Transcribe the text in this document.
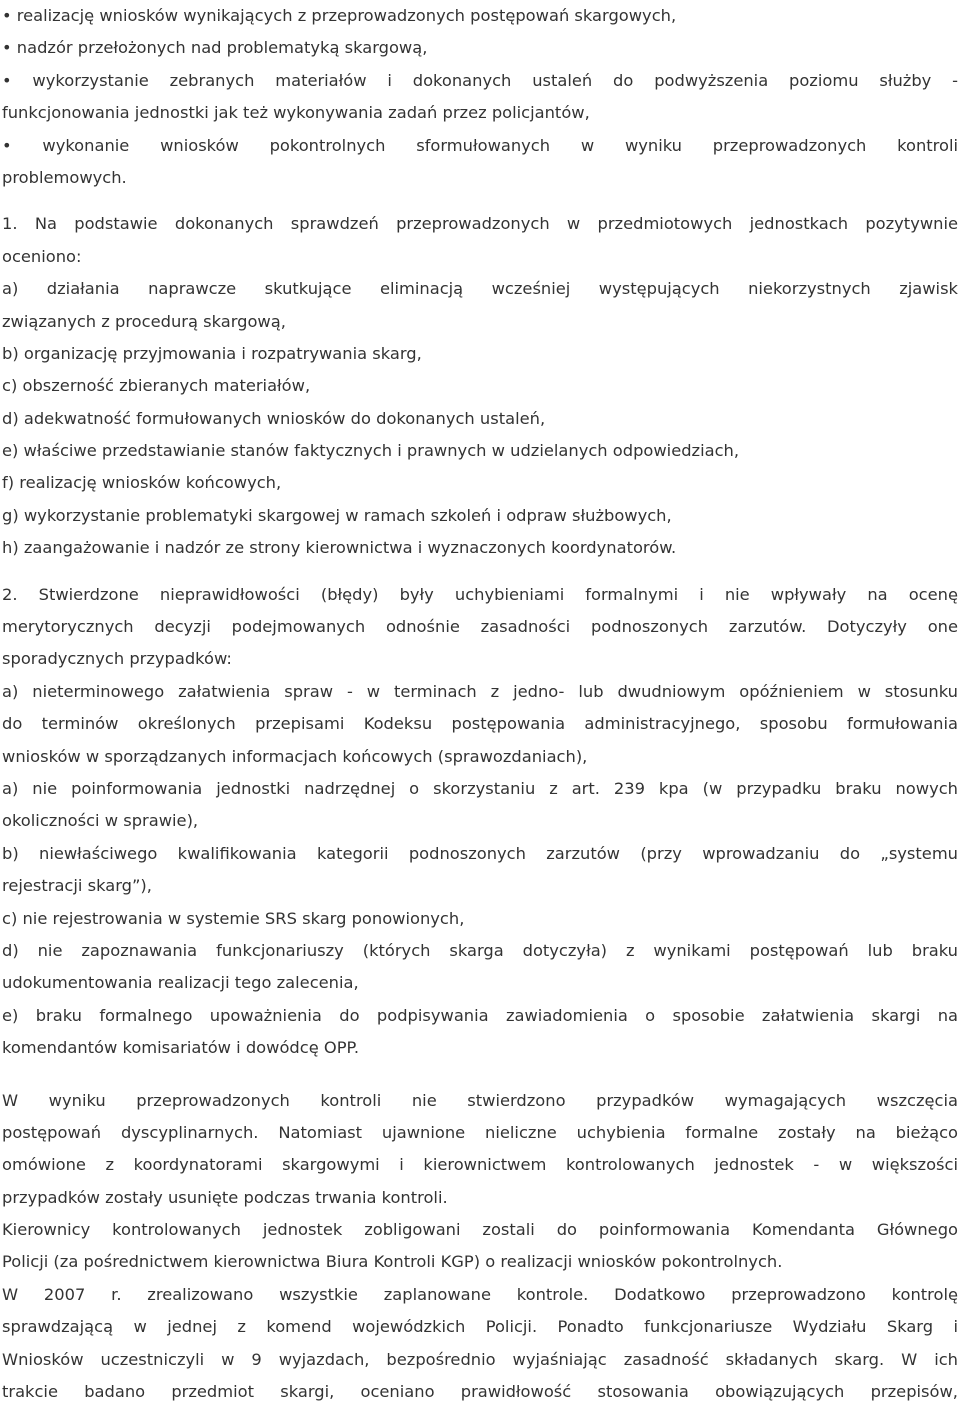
• realizację wniosków wynikających z przeprowadzonych postępowań skargowych,
• nadzór przełożonych nad problematyką skargową,
• wykorzystanie zebranych materiałów i dokonanych ustaleń do podwyższenia poziomu służby -
funkcjonowania jednostki jak też wykonywania zadań przez policjantów,
• wykonanie wniosków pokontrolnych sformułowanych w wyniku przeprowadzonych kontroli
problemowych.
1. Na podstawie dokonanych sprawdzeń przeprowadzonych w przedmiotowych jednostkach pozytywnie
oceniono:
a) działania naprawcze skutkujące eliminacją wcześniej występujących niekorzystnych zjawisk
związanych z procedurą skargową,
b) organizację przyjmowania i rozpatrywania skarg,
c) obszerność zbieranych materiałów,
d) adekwatność formułowanych wniosków do dokonanych ustaleń,
e) właściwe przedstawianie stanów faktycznych i prawnych w udzielanych odpowiedziach,
f) realizację wniosków końcowych,
g) wykorzystanie problematyki skargowej w ramach szkoleń i odpraw służbowych,
h) zaangażowanie i nadzór ze strony kierownictwa i wyznaczonych koordynatorów.
2. Stwierdzone nieprawidłowości (błędy) były uchybieniami formalnymi i nie wpływały na ocenę
merytorycznych decyzji podejmowanych odnośnie zasadności podnoszonych zarzutów. Dotyczyły one
sporadycznych przypadków:
a) nieterminowego załatwienia spraw - w terminach z jedno- lub dwudniowym opóźnieniem w stosunku
do terminów określonych przepisami Kodeksu postępowania administracyjnego, sposobu formułowania
wniosków w sporządzanych informacjach końcowych (sprawozdaniach),
a) nie poinformowania jednostki nadrzędnej o skorzystaniu z art. 239 kpa (w przypadku braku nowych
okoliczności w sprawie),
b) niewłaściwego kwalifikowania kategorii podnoszonych zarzutów (przy wprowadzaniu do „systemu
rejestracji skarg”),
c) nie rejestrowania w systemie SRS skarg ponowionych,
d) nie zapoznawania funkcjonariuszy (których skarga dotyczyła) z wynikami postępowań lub braku
udokumentowania realizacji tego zalecenia,
e) braku formalnego upoważnienia do podpisywania zawiadomienia o sposobie załatwienia skargi na
komendantów komisariatów i dowódcę OPP.
W wyniku przeprowadzonych kontroli nie stwierdzono przypadków wymagających wszczęcia
postępowań dyscyplinarnych. Natomiast ujawnione nieliczne uchybienia formalne zostały na bieżąco
omówione z koordynatorami skargowymi i kierownictwem kontrolowanych jednostek - w większości
przypadków zostały usunięte podczas trwania kontroli.
Kierownicy kontrolowanych jednostek zobligowani zostali do poinformowania Komendanta Głównego
Policji (za pośrednictwem kierownictwa Biura Kontroli KGP) o realizacji wniosków pokontrolnych.
W 2007 r. zrealizowano wszystkie zaplanowane kontrole. Dodatkowo przeprowadzono kontrolę
sprawdzającą w jednej z komend wojewódzkich Policji. Ponadto funkcjonariusze Wydziału Skarg i
Wniosków uczestniczyli w 9 wyjazdach, bezpośrednio wyjaśniając zasadność składanych skarg. W ich
trakcie badano przedmiot skargi, oceniano prawidłowość stosowania obowiązujących przepisów,
